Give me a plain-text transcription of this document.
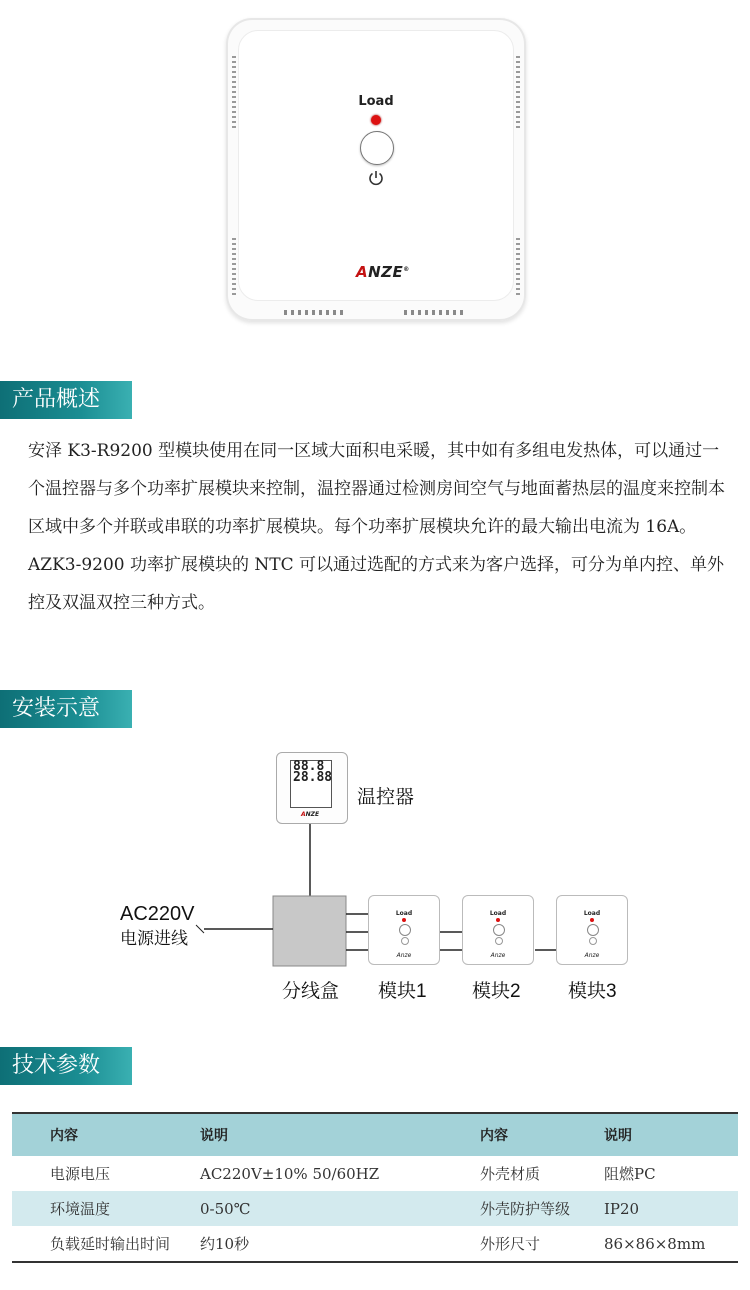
Load
ANZE®
产品概述

安泽 K3-R9200 型模块使用在同一区域大面积电采暖，其中如有多组电发热体，可以通过一个温控器与多个功率扩展模块来控制，温控器通过检测房间空气与地面蓄热层的温度来控制本区域中多个并联或串联的功率扩展模块。每个功率扩展模块允许的最大输出电流为 16A。

AZK3-9200 功率扩展模块的 NTC 可以通过选配的方式来为客户选择，可分为单内控、单外控及双温双控三种方式。

安装示意
88.8
28.88
ANZE
温控器
AC220V
电源进线
Load
Anze
Load
Anze
Load
Anze
分线盒 模块1 模块2 模块3
技术参数
内容	说明	内容	说明
电源电压	AC220V±10% 50/60HZ	外壳材质	阻燃PC
环境温度	0-50℃	外壳防护等级	IP20
负载延时输出时间	约10秒	外形尺寸	86×86×8mm
